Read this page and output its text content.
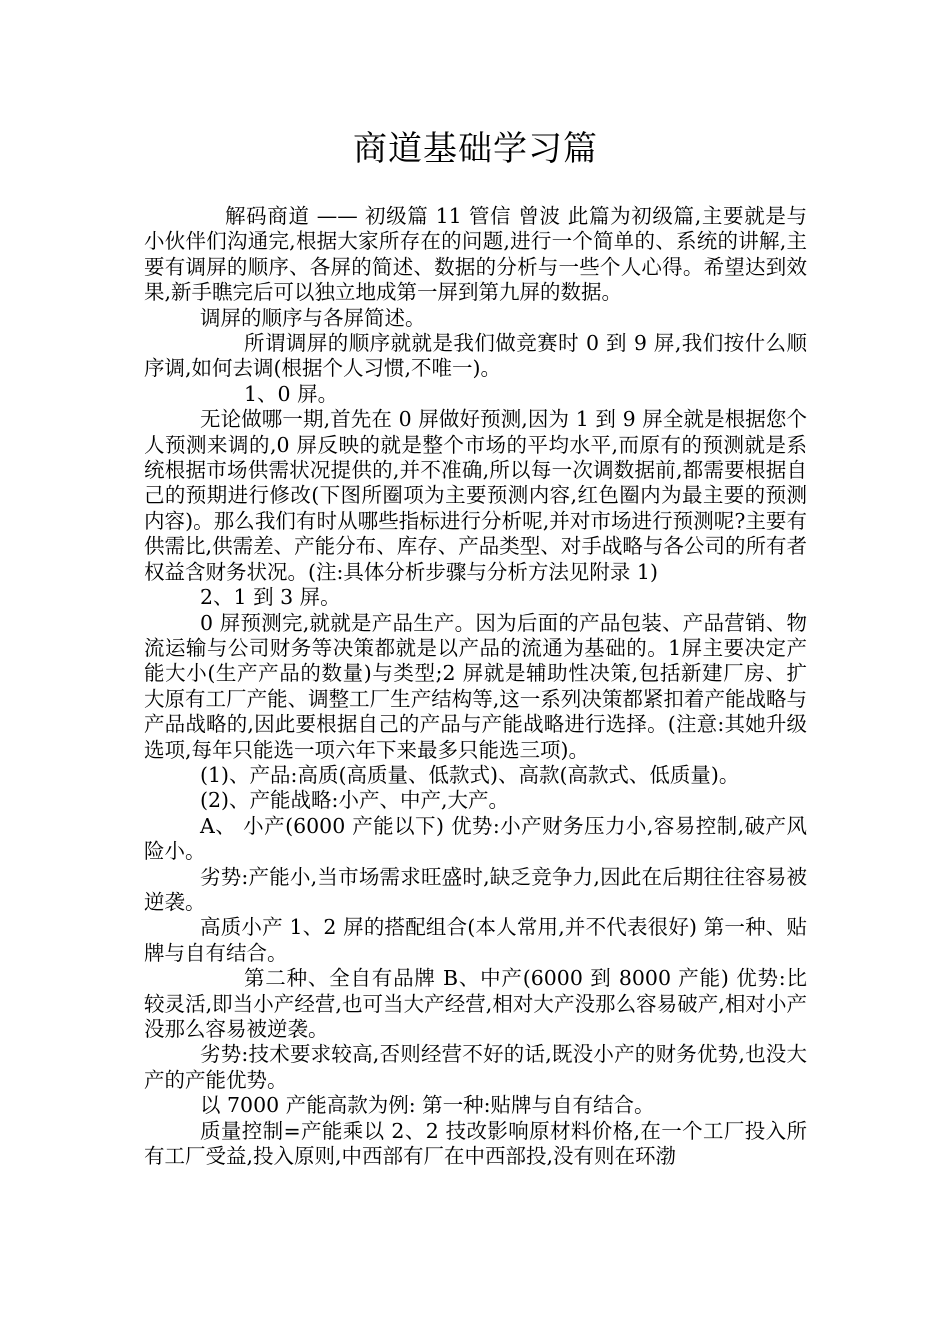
商道基础学习篇

解码商道 —— 初级篇 11 管信 曾波 此篇为初级篇,主要就是与小伙伴们沟通完,根据大家所存在的问题,进行一个简单的、系统的讲解,主要有调屏的顺序、各屏的简述、数据的分析与一些个人心得。希望达到效果,新手瞧完后可以独立地成第一屏到第九屏的数据。

调屏的顺序与各屏简述。

所谓调屏的顺序就就是我们做竞赛时 0 到 9 屏,我们按什么顺序调,如何去调(根据个人习惯,不唯一)。

1、0 屏。

无论做哪一期,首先在 0 屏做好预测,因为 1 到 9 屏全就是根据您个人预测来调的,0 屏反映的就是整个市场的平均水平,而原有的预测就是系统根据市场供需状况提供的,并不准确,所以每一次调数据前,都需要根据自己的预期进行修改(下图所圈项为主要预测内容,红色圈内为最主要的预测内容)。那么我们有时从哪些指标进行分析呢,并对市场进行预测呢?主要有供需比,供需差、产能分布、库存、产品类型、对手战略与各公司的所有者权益含财务状况。(注:具体分析步骤与分析方法见附录 1)

2、1 到 3 屏。

0 屏预测完,就就是产品生产。因为后面的产品包装、产品营销、物流运输与公司财务等决策都就是以产品的流通为基础的。1屏主要决定产能大小(生产产品的数量)与类型;2 屏就是辅助性决策,包括新建厂房、扩大原有工厂产能、调整工厂生产结构等,这一系列决策都紧扣着产能战略与产品战略的,因此要根据自己的产品与产能战略进行选择。(注意:其她升级选项,每年只能选一项六年下来最多只能选三项)。

(1)、产品:高质(高质量、低款式)、高款(高款式、低质量)。

(2)、产能战略:小产、中产,大产。

A、 小产(6000 产能以下) 优势:小产财务压力小,容易控制,破产风险小。

劣势:产能小,当市场需求旺盛时,缺乏竞争力,因此在后期往往容易被逆袭。

高质小产 1、2 屏的搭配组合(本人常用,并不代表很好) 第一种、贴牌与自有结合。

第二种、全自有品牌 B、中产(6000 到 8000 产能) 优势:比较灵活,即当小产经营,也可当大产经营,相对大产没那么容易破产,相对小产没那么容易被逆袭。

劣势:技术要求较高,否则经营不好的话,既没小产的财务优势,也没大产的产能优势。

以 7000 产能高款为例: 第一种:贴牌与自有结合。

质量控制=产能乘以 2、2 技改影响原材料价格,在一个工厂投入所有工厂受益,投入原则,中西部有厂在中西部投,没有则在环渤
